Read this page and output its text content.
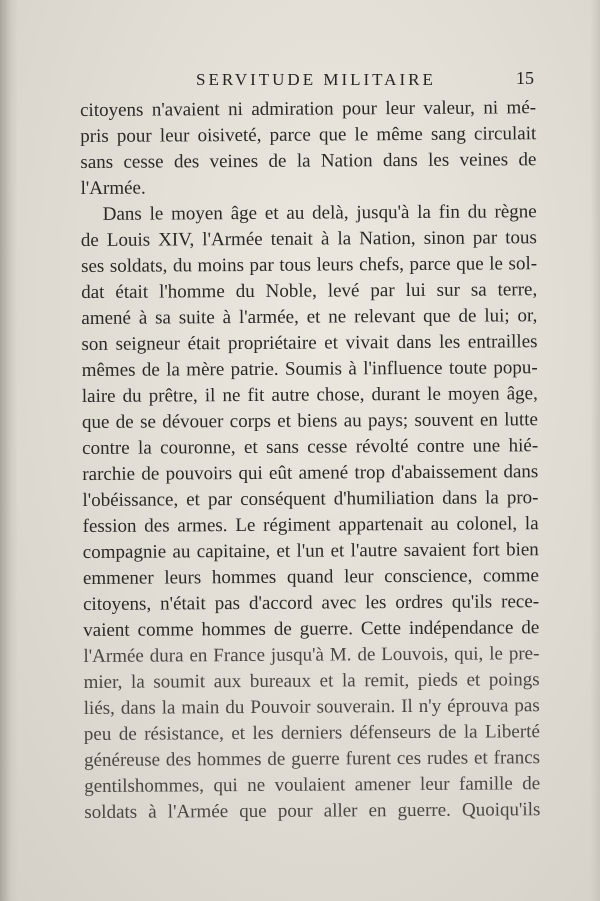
SERVITUDE MILITAIRE	15
citoyens n'avaient ni admiration pour leur valeur, ni mé-
pris pour leur oisiveté, parce que le même sang circulait
sans cesse des veines de la Nation dans les veines de
l'Armée.
Dans le moyen âge et au delà, jusqu'à la fin du règne
de Louis XIV, l'Armée tenait à la Nation, sinon par tous
ses soldats, du moins par tous leurs chefs, parce que le sol-
dat était l'homme du Noble, levé par lui sur sa terre,
amené à sa suite à l'armée, et ne relevant que de lui; or,
son seigneur était propriétaire et vivait dans les entrailles
mêmes de la mère patrie. Soumis à l'influence toute popu-
laire du prêtre, il ne fit autre chose, durant le moyen âge,
que de se dévouer corps et biens au pays; souvent en lutte
contre la couronne, et sans cesse révolté contre une hié-
rarchie de pouvoirs qui eût amené trop d'abaissement dans
l'obéissance, et par conséquent d'humiliation dans la pro-
fession des armes. Le régiment appartenait au colonel, la
compagnie au capitaine, et l'un et l'autre savaient fort bien
emmener leurs hommes quand leur conscience, comme
citoyens, n'était pas d'accord avec les ordres qu'ils rece-
vaient comme hommes de guerre. Cette indépendance de
l'Armée dura en France jusqu'à M. de Louvois, qui, le pre-
mier, la soumit aux bureaux et la remit, pieds et poings
liés, dans la main du Pouvoir souverain. Il n'y éprouva pas
peu de résistance, et les derniers défenseurs de la Liberté
généreuse des hommes de guerre furent ces rudes et francs
gentilshommes, qui ne voulaient amener leur famille de
soldats à l'Armée que pour aller en guerre. Quoiqu'ils
